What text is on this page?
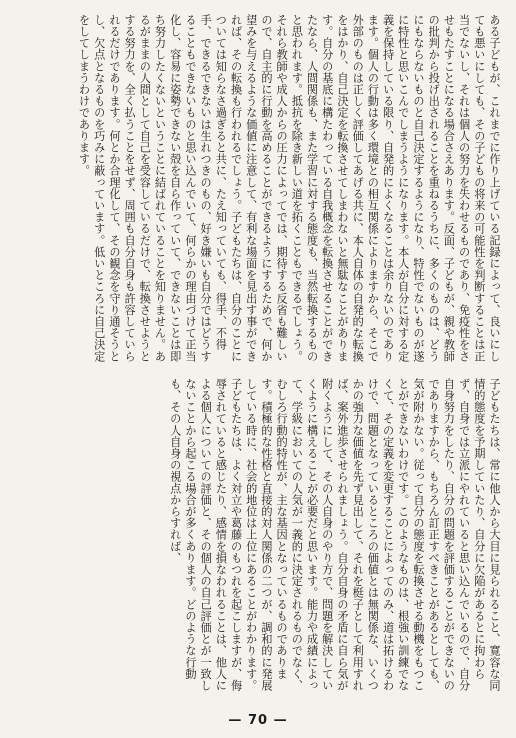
ある子どもが、これまでに作り上げている記録によって、良いにしても悪いにしても、その子どもの将来の可能性を判断することは正当でないし、それは個人の努力を失わせるものであり、免疫性をさせもたすことになる場合さえあります。反面、子どもが、親や教師の批判から投げ出されることを重ねるうちに、多くのものは、どうにもならないものと自己決定するようになり、特性でないものが遂に特性と思いこんでしまうようになります。本人が自分に対する定義を保持している限り、自発的によくなることは余りないのであります。個人の行動は多く環境との相互関係によりますから、そこで外部のものは正しく評価してあげる共に、本人自体の自発的な転換をはかり、自己決定を転換させてしまわないと無駄なことがあります。自分の基底に構たわっている自我概念を転換させることができたなら、人間関係も、また学習に対する態度も、当然転換するものと思われます。抵抗を除き新しい道を拓くこともできるでしょう。それら教師や成人からの圧力によってでは、期待する反省も難しいので、自主的に行動を高めることができるようにするためで、何か望みを与えるような価値に注意して、有利な場面を見出す事ができれば、その転換も行われるでしょう。子どもたちは、自分のことについては知らなさ過ぎると共に、たえ知っていても、得手、不得手、できるできないは生れつきのもの、好き嫌いも自分ではどうすることもできないものと思い込んでいて、何らかの理由づけて正当化し、容易に姿勢できない殻を自ら作っていて、できないことは即ち努力したくないということに結ばれていることを知りません。あるがままの人間として自己を受容しているだけで、転換させようとする努力を、全く払うことをせず、周囲も自分自身も許容していられるだけであります。何とか合理化して、その観念を守り通そうとし、欠点となるものを巧みに蔽っています。低いところに自己決定をしてしまうわけであります。
子どもたちは、常に他人から大目に見られること、寛容な同情的態度を予期していたり、自分に欠陥があるとに拘わらず、自身では立派にやれていると思い込んでいるので、自分自身努力をしたり、自分の問題を評価することができないのでありますから、もちろん訂正すべきことがあるとしても、気が附かない。従って自分の態度を転換させる動機をもつことができないわけです。このようなものは、根強い訓練でなくて、その定義を変更することによってのみ、道は拓けるわけで、問題となっているところの価値とは無関係な、いくつかの強力な価値を先ず見出して、それを梃子として利用すれば、案外進歩させられましょう。自分自身の矛盾に自ら気が附くようにして、その人自身のやり方で、問題を解決していくように構えることが必要だと思います。能力や成績によって、学級においての人気が一義的に決定されるものでなく、むしろ行動的特性が、主な基因となっているものであります。積極的な性格と直接的対人関係の二つが、調和的に発展している時に、社会的地位は上位にあることがわかります。子どもたちは、よく対立や葛藤のもつれを起こしますが、侮辱されていると感じたり、感情を損なわれることは、他人による個人についての評価と、その個人の自己評価とが一致しないことから起こる場合が多くあります。どのような行動も、その人自身の視点からすれば、
— 70 —
